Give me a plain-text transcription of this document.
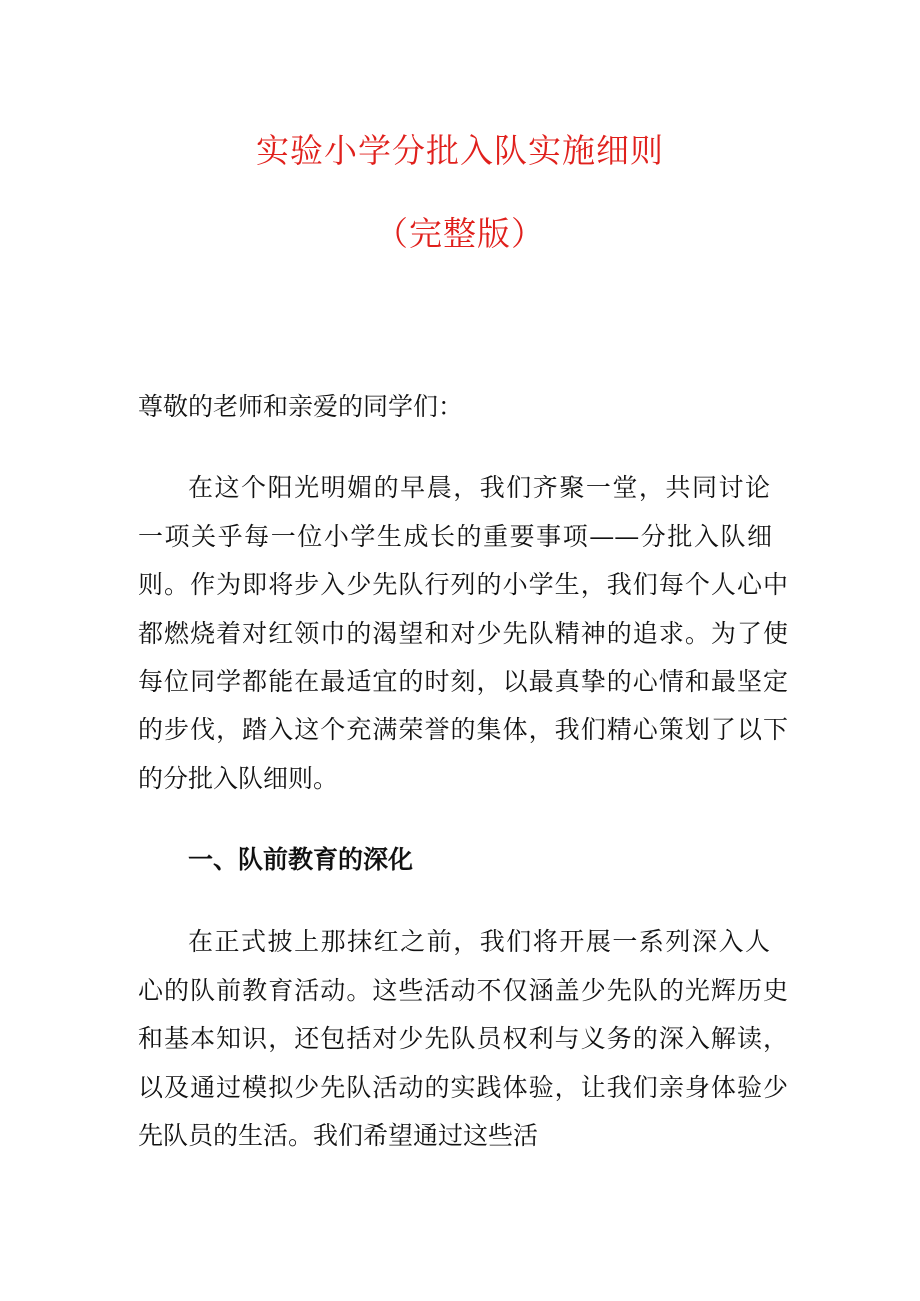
实验小学分批入队实施细则
（完整版）
尊敬的老师和亲爱的同学们：
在这个阳光明媚的早晨，我们齐聚一堂，共同讨论
一项关乎每一位小学生成长的重要事项——分批入队细
则。作为即将步入少先队行列的小学生，我们每个人心中
都燃烧着对红领巾的渴望和对少先队精神的追求。为了使
每位同学都能在最适宜的时刻，以最真挚的心情和最坚定
的步伐，踏入这个充满荣誉的集体，我们精心策划了以下
的分批入队细则。
一、队前教育的深化
在正式披上那抹红之前，我们将开展一系列深入人
心的队前教育活动。这些活动不仅涵盖少先队的光辉历史
和基本知识，还包括对少先队员权利与义务的深入解读，
以及通过模拟少先队活动的实践体验，让我们亲身体验少
先队员的生活。我们希望通过这些活
